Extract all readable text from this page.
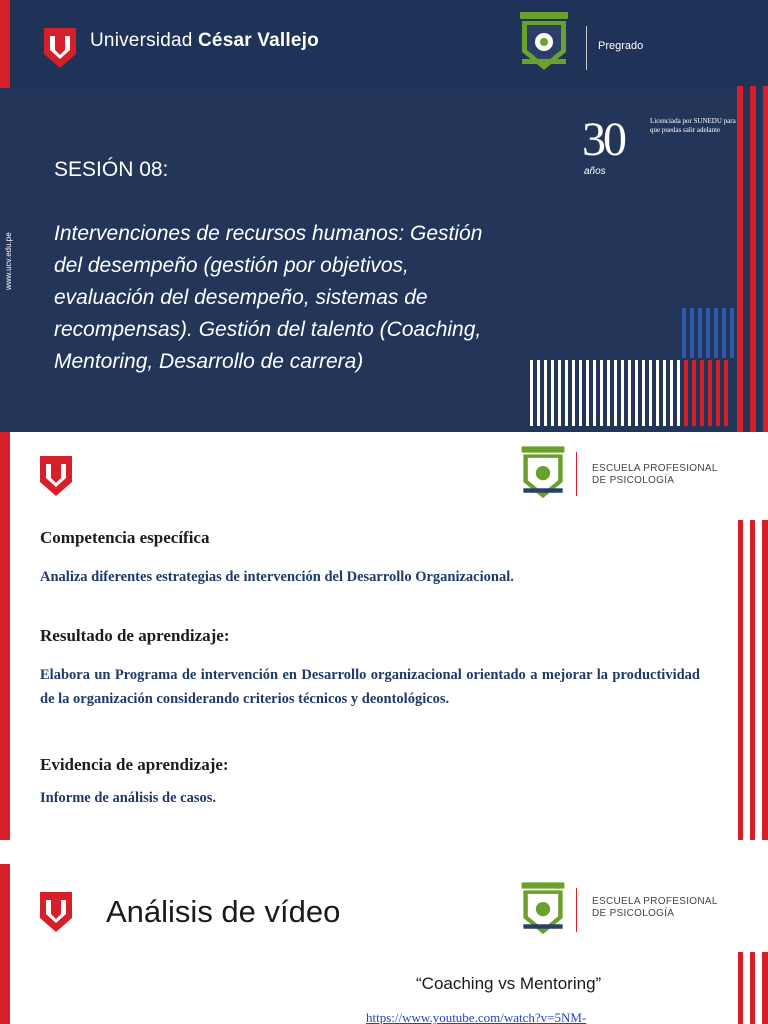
Universidad César Vallejo	Pregrado
www.ucv.edu.pe
30
años
Licenciada por SUNEDU para que puedas salir adelante
SESIÓN 08:
Intervenciones de recursos humanos: Gestión
del desempeño (gestión por objetivos,
evaluación del desempeño, sistemas de
recompensas). Gestión del talento (Coaching,
Mentoring, Desarrollo de carrera)
ESCUELA PROFESIONAL
DE PSICOLOGÍA
Competencia específica
Analiza diferentes estrategias de intervención del Desarrollo Organizacional.
Resultado de aprendizaje:
Elabora un Programa de intervención en Desarrollo organizacional orientado a mejorar la productividad de la organización considerando criterios técnicos y deontológicos.
Evidencia de aprendizaje:
Informe de análisis de casos.
Análisis de vídeo	ESCUELA PROFESIONAL
DE PSICOLOGÍA
“Coaching vs Mentoring”
https://www.youtube.com/watch?v=5NM-
